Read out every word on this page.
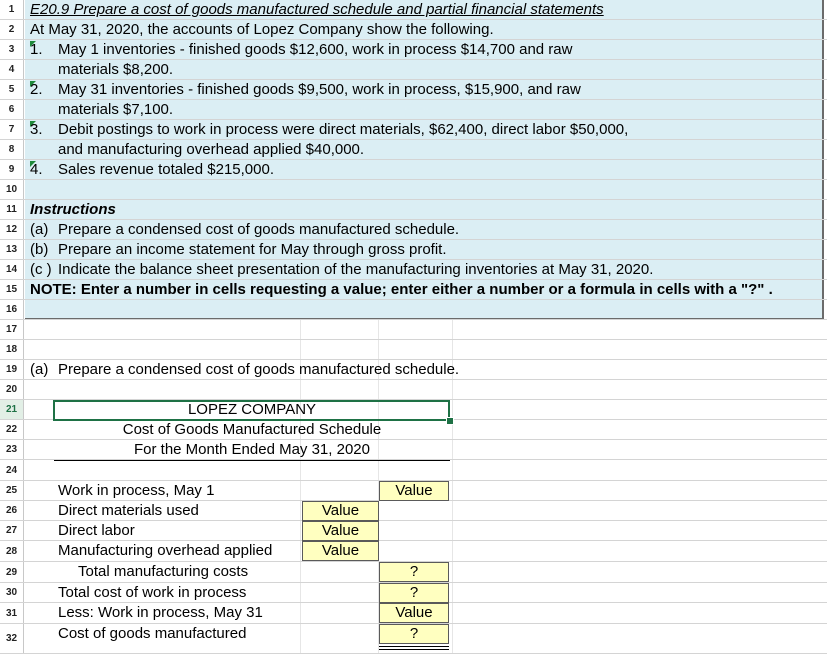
1
2
3
4
5
6
7
8
9
10
11
12
13
14
15
16
17
18
19
20
21
22
23
24
25
26
27
28
29
30
31
32
E20.9 Prepare a cost of goods manufactured schedule and partial financial statements
At May 31, 2020, the accounts of Lopez Company show the following.
1. May 1 inventories - finished goods $12,600, work in process $14,700 and raw
materials $8,200.
2. May 31 inventories - finished goods $9,500, work in process, $15,900, and raw
materials $7,100.
3. Debit postings to work in process were direct materials, $62,400, direct labor $50,000,
and manufacturing overhead applied $40,000.
4. Sales revenue totaled $215,000.
Instructions
(a) Prepare a condensed cost of goods manufactured schedule.
(b) Prepare an income statement for May through gross profit.
(c ) Indicate the balance sheet presentation of the manufacturing inventories at May 31, 2020.
NOTE: Enter a number in cells requesting a value; enter either a number or a formula in cells with a "?" .
(a) Prepare a condensed cost of goods manufactured schedule.
LOPEZ COMPANY
Cost of Goods Manufactured Schedule
For the Month Ended May 31, 2020
Work in process, May 1	Value
Direct materials used	Value
Direct labor	Value
Manufacturing overhead applied	Value
Total manufacturing costs	?
Total cost of work in process	?
Less: Work in process, May 31	Value
Cost of goods manufactured	?
